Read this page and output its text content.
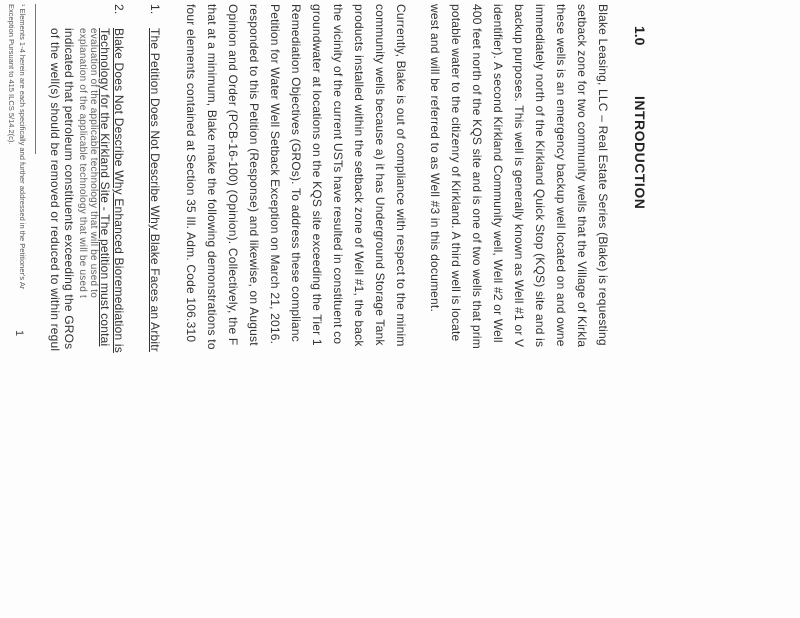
1.0
INTRODUCTION
Blake Leasing, LLC – Real Estate Series (Blake) is requesting
setback zone for two community wells that the Village of Kirkla
these wells is an emergency backup well located on and owne
immediately north of the Kirkland Quick Stop (KQS) site and is
backup purposes. This well is generally known as Well #1 or V
identifier). A second Kirkland Community well, Well #2 or Well
400 feet north of the KQS site and is one of two wells that prim
potable water to the citizenry of Kirkland. A third well is locate
west and will be referred to as Well #3 in this document.
Currently, Blake is out of compliance with respect to the minim
community wells because a) it has Underground Storage Tank
products installed within the setback zone of Well #1, the back
the vicinity of the current USTs have resulted in constituent co
groundwater at locations on the KQS site exceeding the Tier 1
Remediation Objectives (GROs). To address these complianc
Petition for Water Well Setback Exception on March 21, 2016.
responded to this Petition (Response) and likewise, on August
Opinion and Order (PCB-16-100) (Opinion). Collectively, the F
that at a minimum, Blake make the following demonstrations to
four elements contained at Section 35 Ill. Adm. Code 106.310
1.
The Petition Does Not Describe Why Blake Faces an Arbitr
2.
Blake Does Not Describe Why Enhanced Bioremediation is
Technology for the Kirkland Site - The petition must contai
evaluation of the applicable technology that will be used to
explanation of the applicable technology that will be used t
indicated that petroleum constituents exceeding the GROs
of the well(s) should be removed or reduced to within regul
¹ Elements 1-4 herein are each specifically and further addressed in the Petitioner's Ar
Exception Pursuant to 415 ILCS 5/14.2(c).
1
